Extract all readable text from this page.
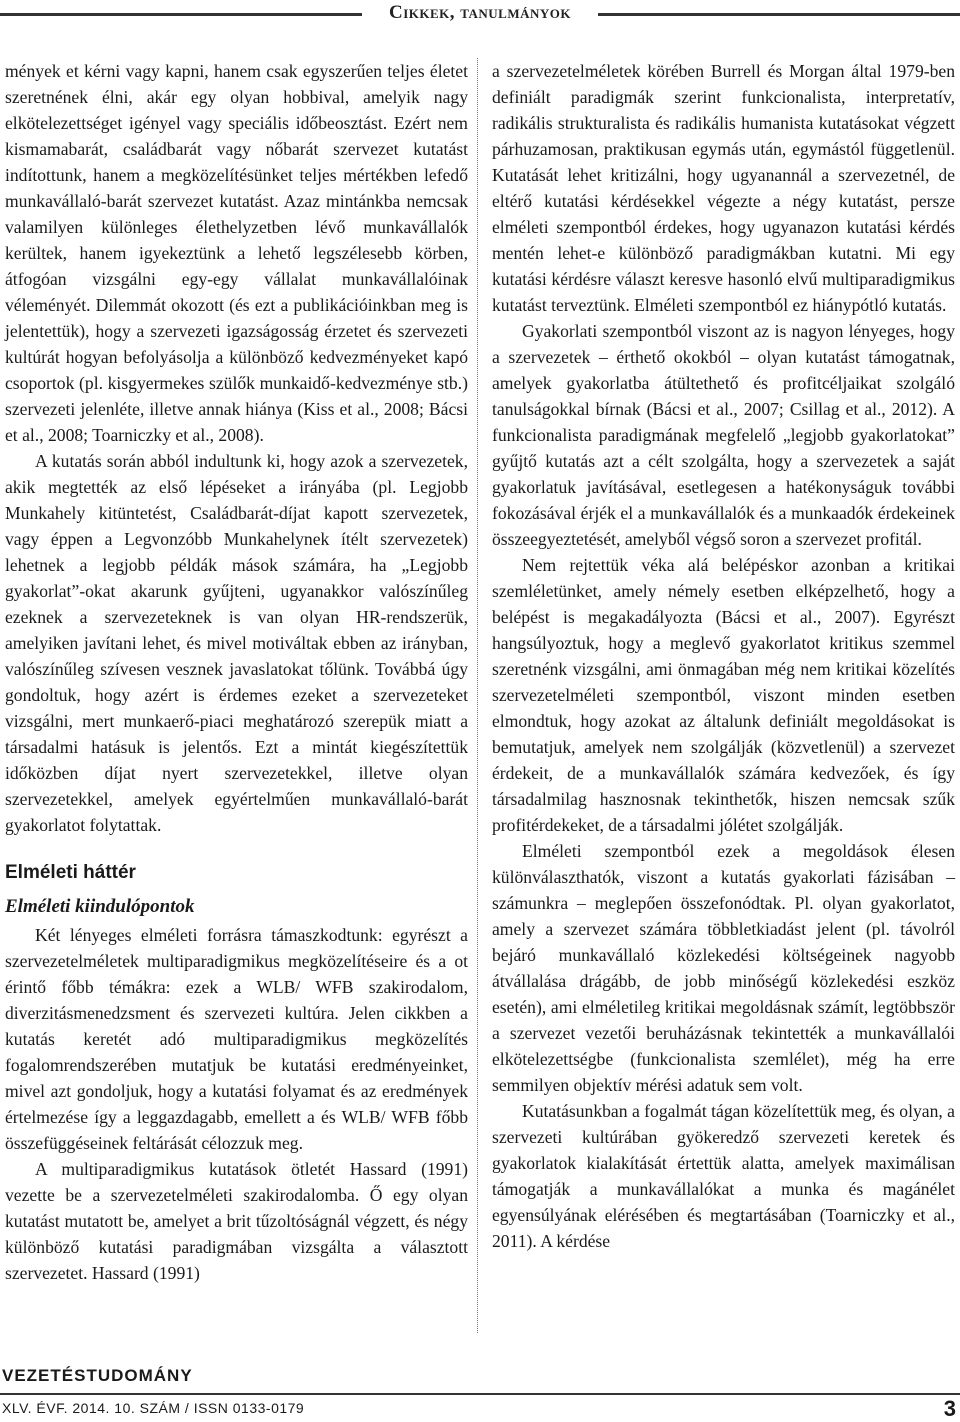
Cikkek, tanulmányok

mények et kérni vagy kapni, hanem csak egyszerűen teljes életet szeretnének élni, akár egy olyan hobbival, amelyik nagy elkötelezettséget igényel vagy speciális időbeosztást. Ezért nem kismamabarát, családbarát vagy nőbarát szervezet kutatást indítottunk, hanem a megközelítésünket teljes mértékben lefedő munkavállaló-barát szervezet kutatást. Azaz mintánkba nemcsak valamilyen különleges élethelyzetben lévő munkavállalók kerültek, hanem igyekeztünk a lehető legszélesebb körben, átfogóan vizsgálni egy-egy vállalat munkavállalóinak véleményét. Dilemmát okozott (és ezt a publikációinkban meg is jelentettük), hogy a szervezeti igazságosság érzetet és szervezeti kultúrát hogyan befolyásolja a különböző kedvezményeket kapó csoportok (pl. kisgyermekes szülők munkaidő-kedvezménye stb.) szervezeti jelenléte, illetve annak hiánya (Kiss et al., 2008; Bácsi et al., 2008; Toarniczky et al., 2008).

A kutatás során abból indultunk ki, hogy azok a szervezetek, akik megtették az első lépéseket a irányába (pl. Legjobb Munkahely kitüntetést, Családbarát-díjat kapott szervezetek, vagy éppen a Legvonzóbb Munkahelynek ítélt szervezetek) lehetnek a legjobb példák mások számára, ha „Legjobb gyakorlat”-okat akarunk gyűjteni, ugyanakkor valószínűleg ezeknek a szervezeteknek is van olyan HR-rendszerük, amelyiken javítani lehet, és mivel motiváltak ebben az irányban, valószínűleg szívesen vesznek javaslatokat tőlünk. Továbbá úgy gondoltuk, hogy azért is érdemes ezeket a szervezeteket vizsgálni, mert munkaerő-piaci meghatározó szerepük miatt a társadalmi hatásuk is jelentős. Ezt a mintát kiegészítettük időközben díjat nyert szervezetekkel, illetve olyan szervezetekkel, amelyek egyértelműen munkavállaló-barát gyakorlatot folytattak.

Elméleti háttér
Elméleti kiindulópontok

Két lényeges elméleti forrásra támaszkodtunk: egyrészt a szervezetelméletek multiparadigmikus megközelítéseire és a ot érintő főbb témákra: ezek a WLB/ WFB szakirodalom, diverzitásmenedzsment és szervezeti kultúra. Jelen cikkben a kutatás keretét adó multiparadigmikus megközelítés fogalomrendszerében mutatjuk be kutatási eredményeinket, mivel azt gondoljuk, hogy a kutatási folyamat és az eredmények értelmezése így a leggazdagabb, emellett a és WLB/ WFB főbb összefüggéseinek feltárását célozzuk meg.

A multiparadigmikus kutatások ötletét Hassard (1991) vezette be a szervezetelméleti szakirodalomba. Ő egy olyan kutatást mutatott be, amelyet a brit tűzoltóságnál végzett, és négy különböző kutatási paradigmában vizsgálta a választott szervezetet. Hassard (1991)

a szervezetelméletek körében Burrell és Morgan által 1979-ben definiált paradigmák szerint funkcionalista, interpretatív, radikális strukturalista és radikális humanista kutatásokat végzett párhuzamosan, praktikusan egymás után, egymástól függetlenül. Kutatását lehet kritizálni, hogy ugyanannál a szervezetnél, de eltérő kutatási kérdésekkel végezte a négy kutatást, persze elméleti szempontból érdekes, hogy ugyanazon kutatási kérdés mentén lehet-e különböző paradigmákban kutatni. Mi egy kutatási kérdésre választ keresve hasonló elvű multiparadigmikus kutatást terveztünk. Elméleti szempontból ez hiánypótló kutatás.

Gyakorlati szempontból viszont az is nagyon lényeges, hogy a szervezetek – érthető okokból – olyan kutatást támogatnak, amelyek gyakorlatba átültethető és profitcéljaikat szolgáló tanulságokkal bírnak (Bácsi et al., 2007; Csillag et al., 2012). A funkcionalista paradigmának megfelelő „legjobb gyakorlatokat” gyűjtő kutatás azt a célt szolgálta, hogy a szervezetek a saját gyakorlatuk javításával, esetlegesen a hatékonyságuk további fokozásával érjék el a munkavállalók és a munkaadók érdekeinek összeegyeztetését, amelyből végső soron a szervezet profitál.

Nem rejtettük véka alá belépéskor azonban a kritikai szemléletünket, amely némely esetben elképzelhető, hogy a belépést is megakadályozta (Bácsi et al., 2007). Egyrészt hangsúlyoztuk, hogy a meglevő gyakorlatot kritikus szemmel szeretnénk vizsgálni, ami önmagában még nem kritikai közelítés szervezetelméleti szempontból, viszont minden esetben elmondtuk, hogy azokat az általunk definiált megoldásokat is bemutatjuk, amelyek nem szolgálják (közvetlenül) a szervezet érdekeit, de a munkavállalók számára kedvezőek, és így társadalmilag hasznosnak tekinthetők, hiszen nemcsak szűk profitérdekeket, de a társadalmi jólétet szolgálják.

Elméleti szempontból ezek a megoldások élesen különválaszthatók, viszont a kutatás gyakorlati fázisában – számunkra – meglepően összefonódtak. Pl. olyan gyakorlatot, amely a szervezet számára többletkiadást jelent (pl. távolról bejáró munkavállaló közlekedési költségeinek nagyobb átvállalása drágább, de jobb minőségű közlekedési eszköz esetén), ami elméletileg kritikai megoldásnak számít, legtöbbször a szervezet vezetői beruházásnak tekintették a munkavállalói elkötelezettségbe (funkcionalista szemlélet), még ha erre semmilyen objektív mérési adatuk sem volt.

Kutatásunkban a fogalmát tágan közelítettük meg, és olyan, a szervezeti kultúrában gyökeredző szervezeti keretek és gyakorlatok kialakítását értettük alatta, amelyek maximálisan támogatják a munkavállalókat a munka és magánélet egyensúlyának elérésében és megtartásában (Toarniczky et al., 2011). A kérdése

VEZETÉSTUDOMÁNY
XLV. ÉVF. 2014. 10. SZÁM / ISSN 0133-0179	3
